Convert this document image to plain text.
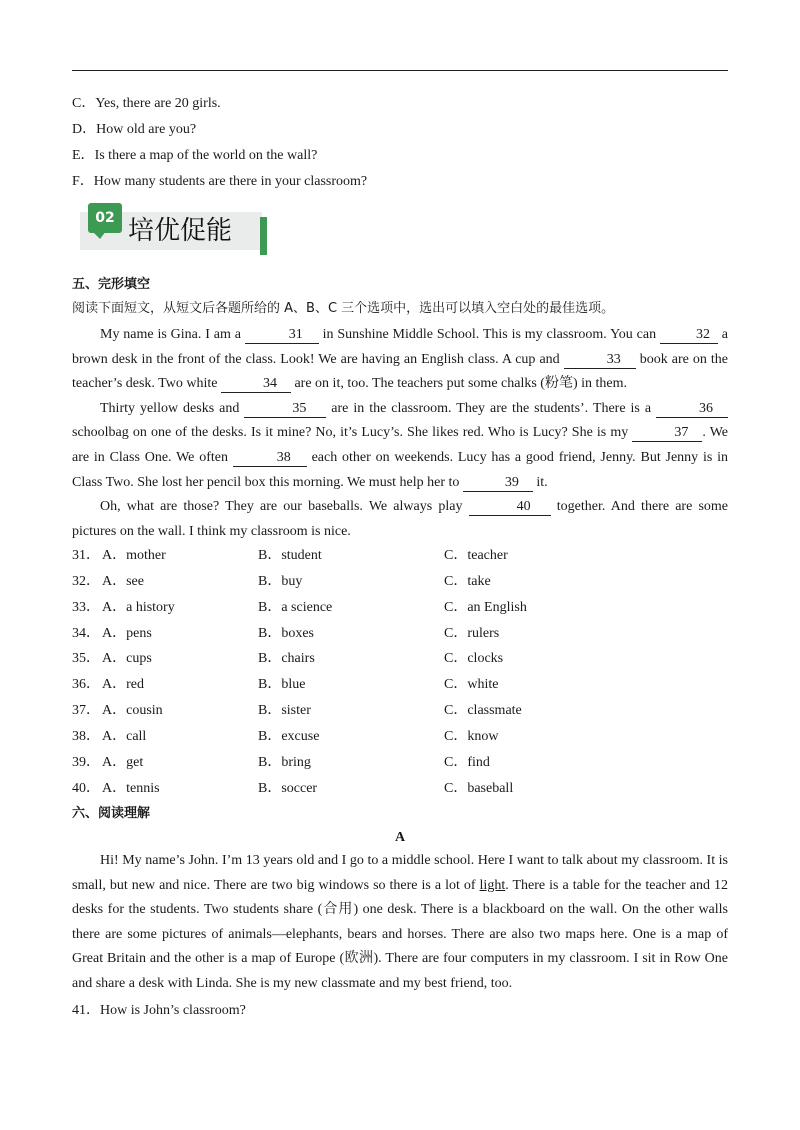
C．Yes, there are 20 girls.
D．How old are you?
E．Is there a map of the world on the wall?
F．How many students are there in your classroom?
02 培优促能
五、完形填空
阅读下面短文，从短文后各题所给的 A、B、C 三个选项中，选出可以填入空白处的最佳选项。

My name is Gina. I am a	31 in Sunshine Middle School. This is my classroom. You can	32 a brown desk in the front of the class. Look! We are having an English class. A cup and	33 book are on the teacher’s desk. Two white	34 are on it, too. The teachers put some chalks (粉笔) in them.

Thirty yellow desks and	35 are in the classroom. They are the students’. There is a	36 schoolbag on one of the desks. Is it mine? No, it’s Lucy’s. She likes red. Who is Lucy? She is my	37 . We are in Class One. We often	38 each other on weekends. Lucy has a good friend, Jenny. But Jenny is in Class Two. She lost her pencil box this morning. We must help her to	39 it.

Oh, what are those? They are our baseballs. We always play	40 together. And there are some pictures on the wall. I think my classroom is nice.

31． A．mother	B．student	C．teacher
32． A．see	B．buy	C．take
33． A．a history	B．a science	C．an English
34． A．pens	B．boxes	C．rulers
35． A．cups	B．chairs	C．clocks
36． A．red	B．blue	C．white
37． A．cousin	B．sister	C．classmate
38． A．call	B．excuse	C．know
39． A．get	B．bring	C．find
40． A．tennis	B．soccer	C．baseball
六、阅读理解
A

Hi! My name’s John. I’m 13 years old and I go to a middle school. Here I want to talk about my classroom. It is small, but new and nice. There are two big windows so there is a lot of light. There is a table for the teacher and 12 desks for the students. Two students share (合用) one desk. There is a blackboard on the wall. On the other walls there are some pictures of animals—elephants, bears and horses. There are also two maps here. One is a map of Great Britain and the other is a map of Europe (欧洲). There are four computers in my classroom. I sit in Row One and share a desk with Linda. She is my new classmate and my best friend, too.

41．How is John’s classroom?
